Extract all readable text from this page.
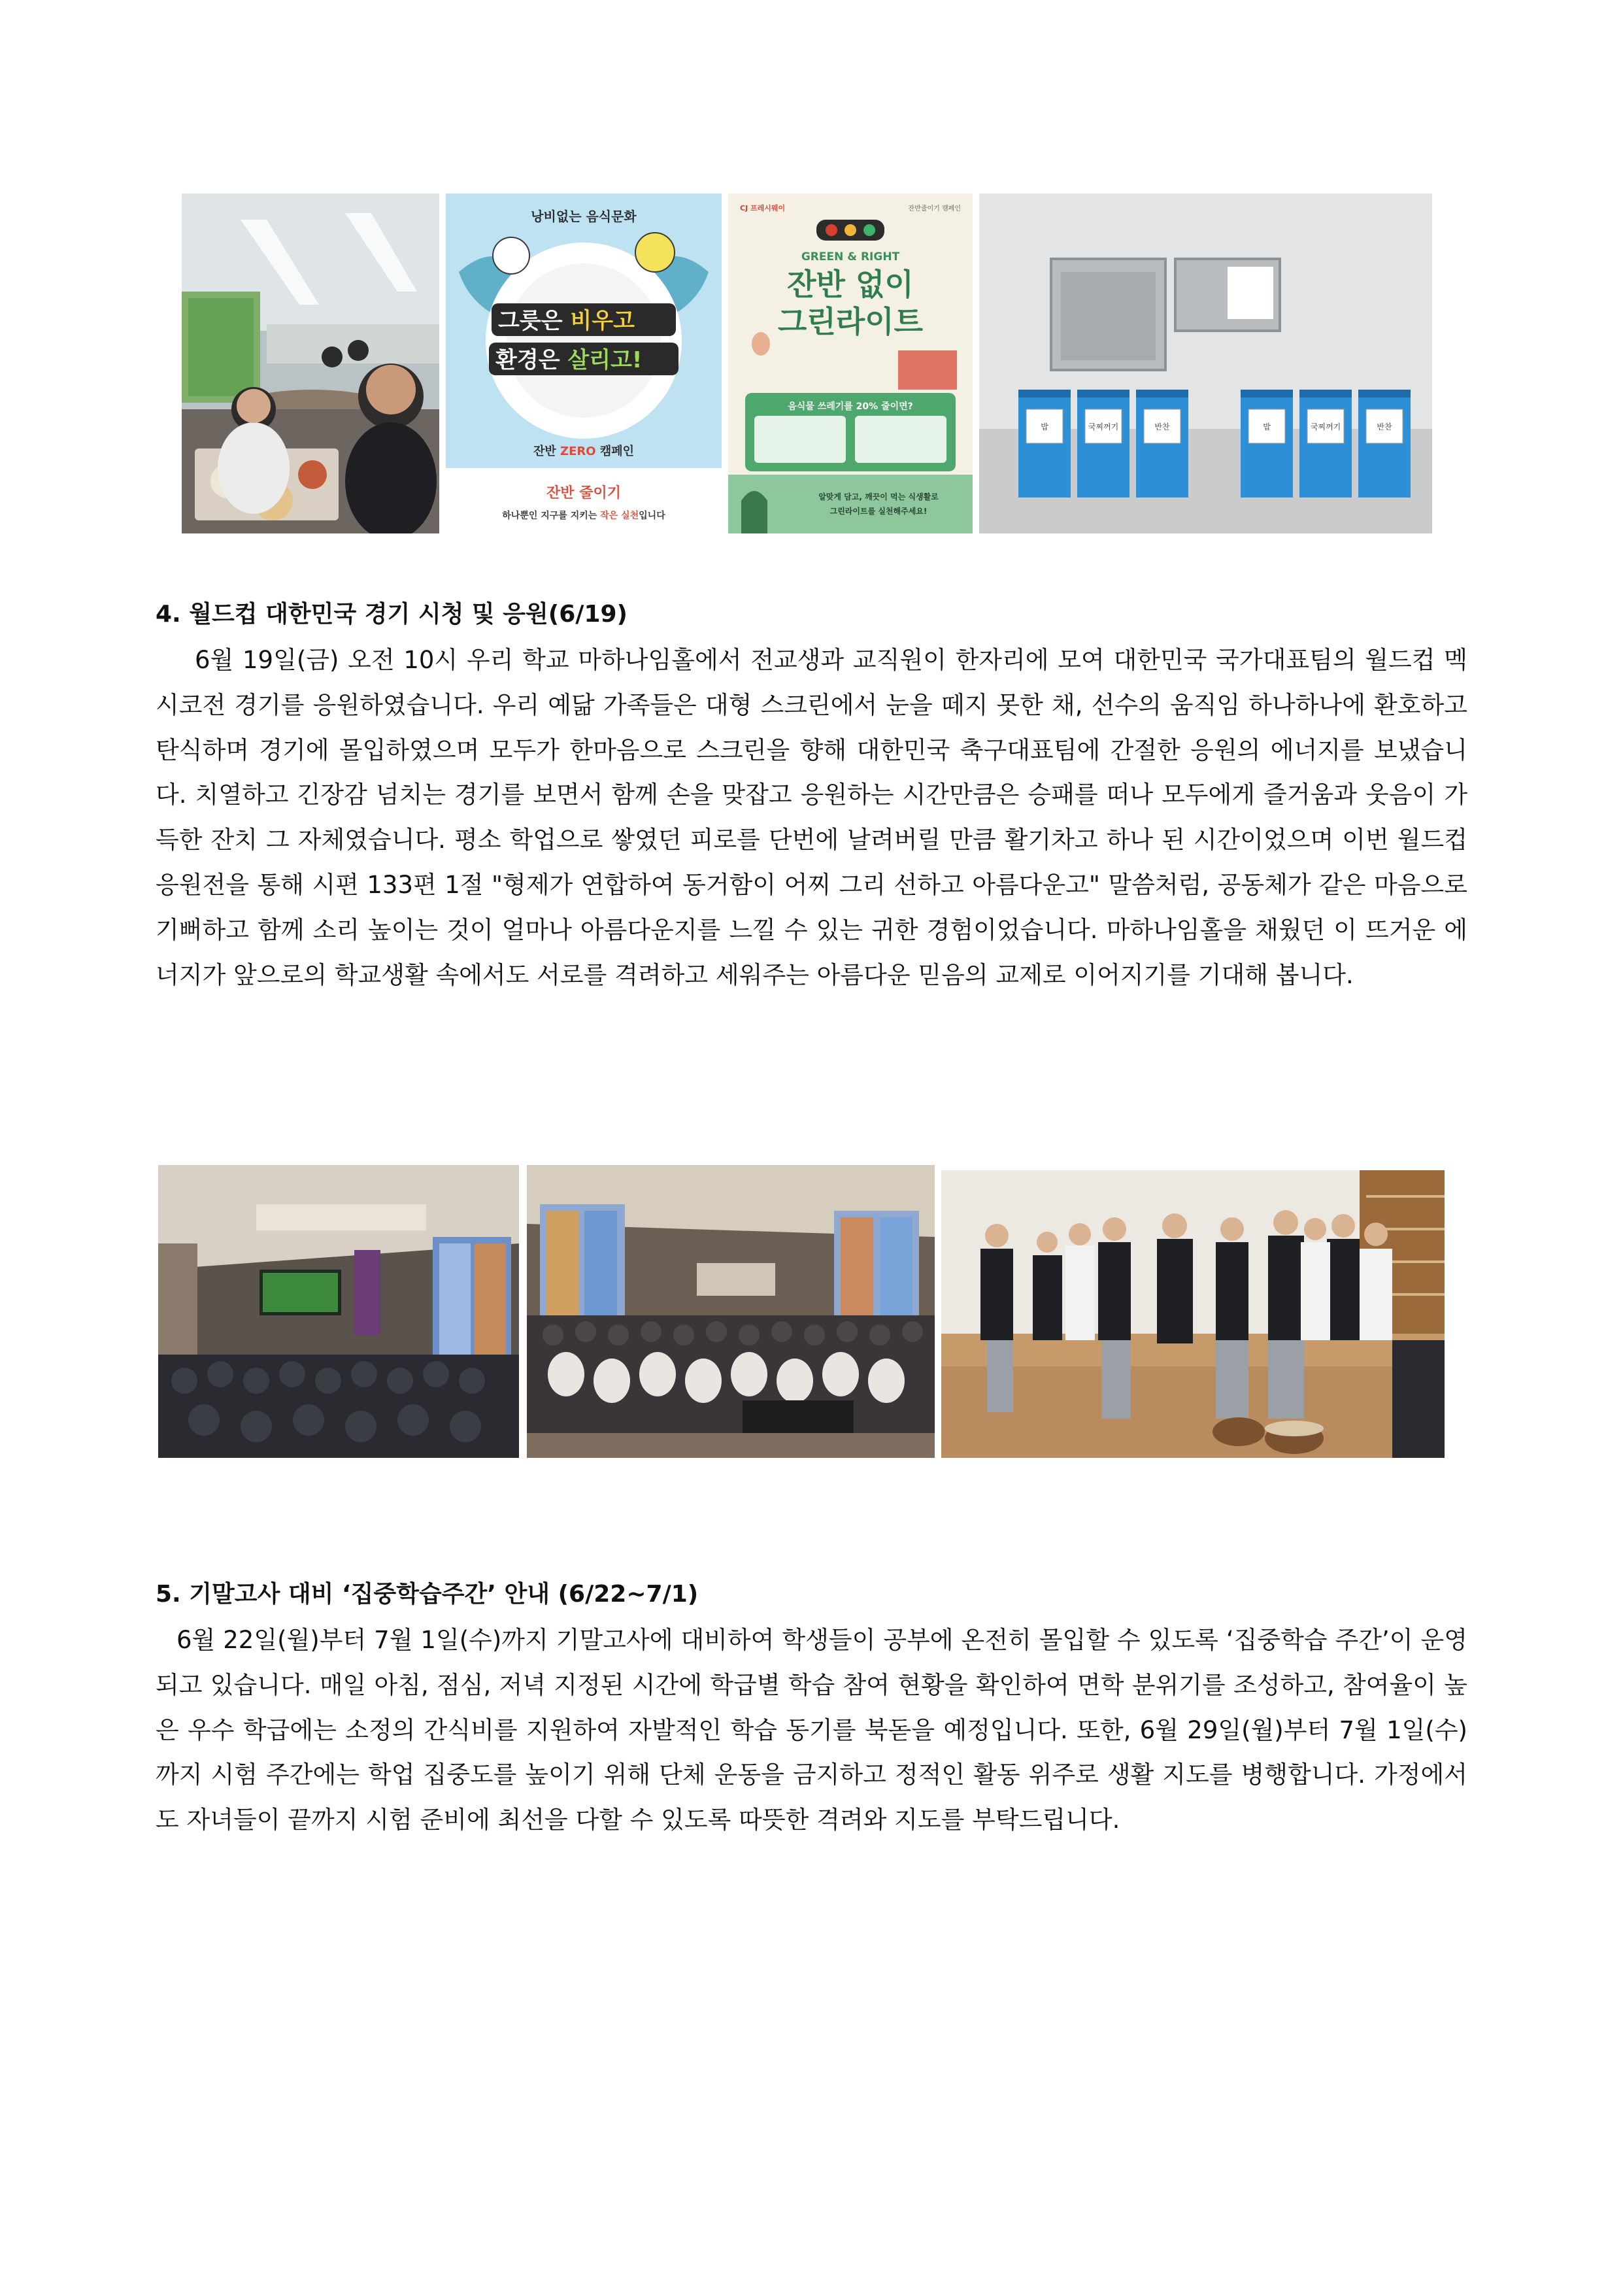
낭비없는 음식문화
그릇은 비우고
환경은 살리고!
잔반 ZERO 캠페인
잔반 줄이기
하나뿐인 지구를 지키는 작은 실천입니다
CJ 프레시웨이	잔반줄이기 캠페인
GREEN & RIGHT
잔반 없이
그린라이트
음식물 쓰레기를 20% 줄이면?
알맞게 담고, 깨끗이 먹는 식생활로
그린라이트를 실천해주세요!
밥	국찌꺼기	반찬	밥	국찌꺼기	반찬
4. 월드컵 대한민국 경기 시청 및 응원(6/19)

6월 19일(금) 오전 10시 우리 학교 마하나임홀에서 전교생과 교직원이 한자리에 모여 대한민국 국가대표팀의 월드컵 멕시코전 경기를 응원하였습니다. 우리 예닮 가족들은 대형 스크린에서 눈을 떼지 못한 채, 선수의 움직임 하나하나에 환호하고 탄식하며 경기에 몰입하였으며 모두가 한마음으로 스크린을 향해 대한민국 축구대표팀에 간절한 응원의 에너지를 보냈습니다. 치열하고 긴장감 넘치는 경기를 보면서 함께 손을 맞잡고 응원하는 시간만큼은 승패를 떠나 모두에게 즐거움과 웃음이 가득한 잔치 그 자체였습니다. 평소 학업으로 쌓였던 피로를 단번에 날려버릴 만큼 활기차고 하나 된 시간이었으며 이번 월드컵 응원전을 통해 시편 133편 1절 "형제가 연합하여 동거함이 어찌 그리 선하고 아름다운고" 말씀처럼, 공동체가 같은 마음으로 기뻐하고 함께 소리 높이는 것이 얼마나 아름다운지를 느낄 수 있는 귀한 경험이었습니다. 마하나임홀을 채웠던 이 뜨거운 에너지가 앞으로의 학교생활 속에서도 서로를 격려하고 세워주는 아름다운 믿음의 교제로 이어지기를 기대해 봅니다.

5. 기말고사 대비 ‘집중학습주간’ 안내 (6/22~7/1)

6월 22일(월)부터 7월 1일(수)까지 기말고사에 대비하여 학생들이 공부에 온전히 몰입할 수 있도록 ‘집중학습 주간’이 운영되고 있습니다. 매일 아침, 점심, 저녁 지정된 시간에 학급별 학습 참여 현황을 확인하여 면학 분위기를 조성하고, 참여율이 높은 우수 학급에는 소정의 간식비를 지원하여 자발적인 학습 동기를 북돋을 예정입니다. 또한, 6월 29일(월)부터 7월 1일(수)까지 시험 주간에는 학업 집중도를 높이기 위해 단체 운동을 금지하고 정적인 활동 위주로 생활 지도를 병행합니다. 가정에서도 자녀들이 끝까지 시험 준비에 최선을 다할 수 있도록 따뜻한 격려와 지도를 부탁드립니다.
